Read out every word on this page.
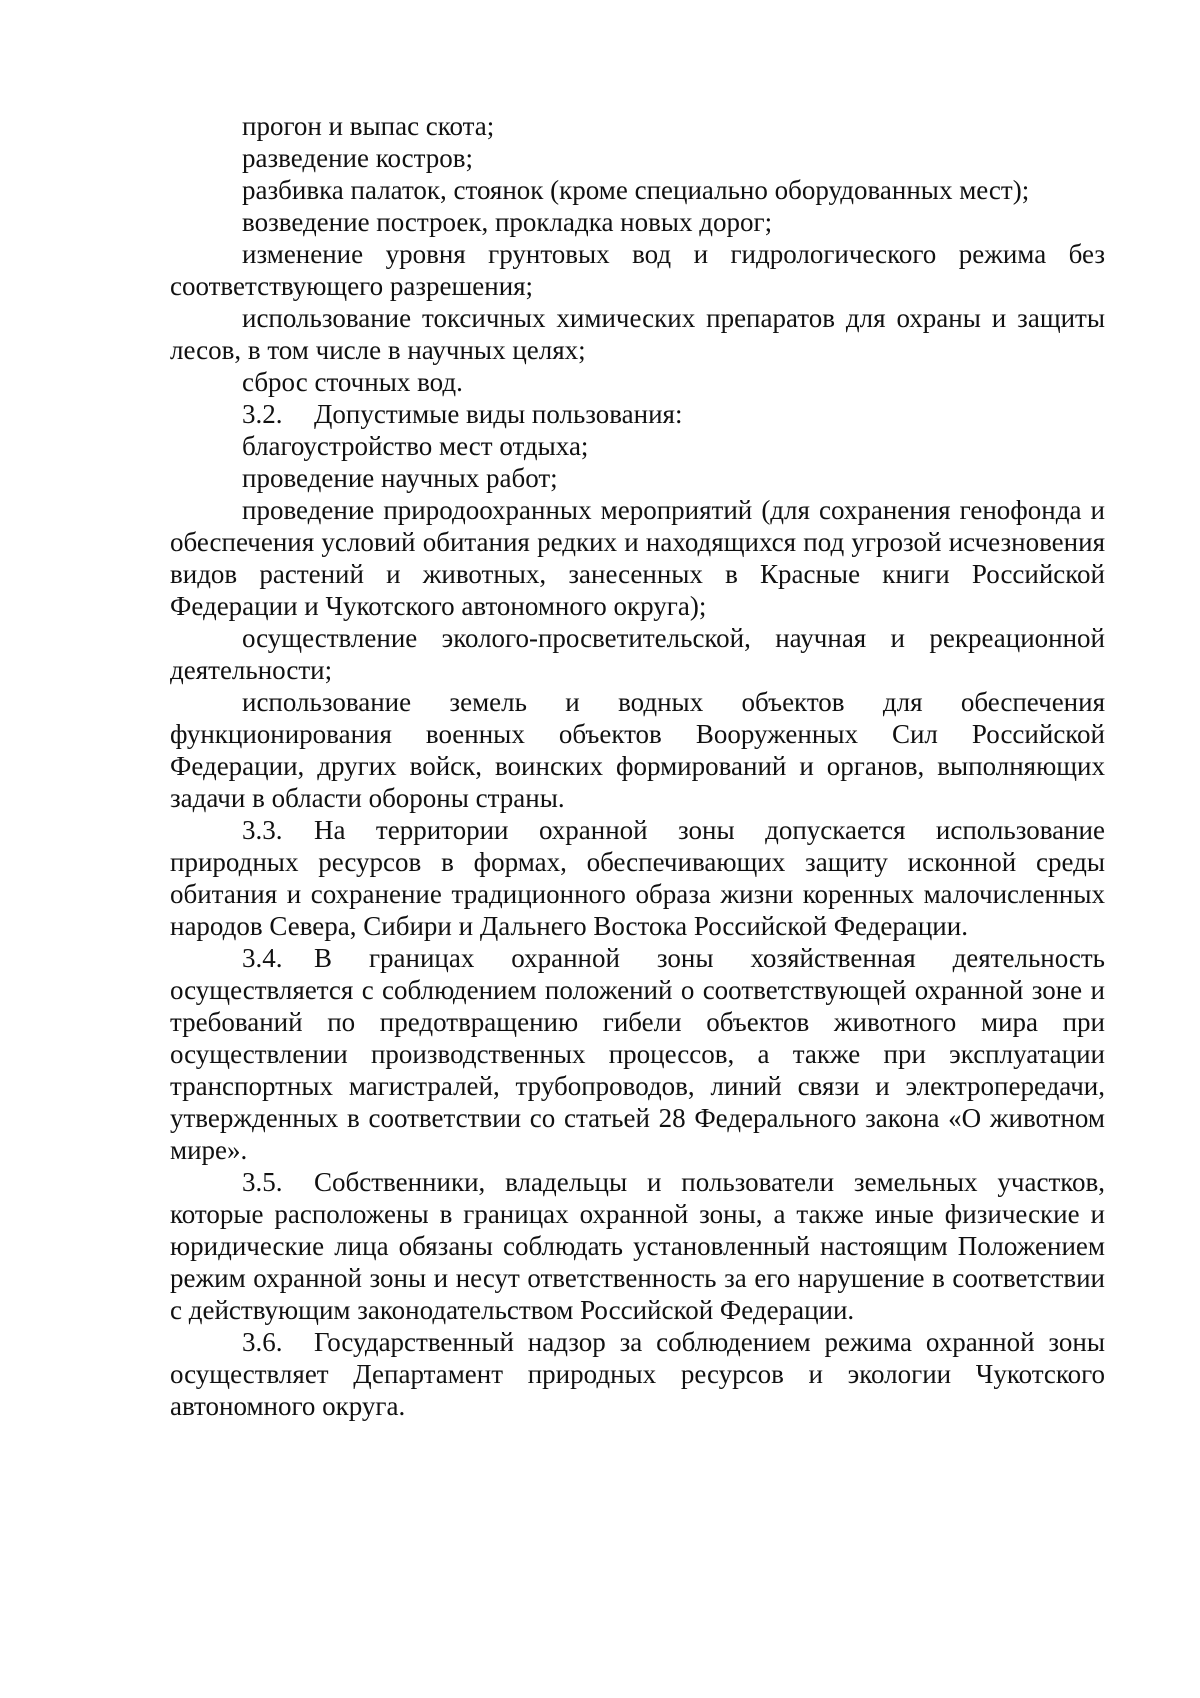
прогон и выпас скота;

разведение костров;

разбивка палаток, стоянок (кроме специально оборудованных мест);

возведение построек, прокладка новых дорог;

изменение уровня грунтовых вод и гидрологического режима без соответствующего разрешения;

использование токсичных химических препаратов для охраны и защиты лесов, в том числе в научных целях;

сброс сточных вод.

3.2. Допустимые виды пользования:

благоустройство мест отдыха;

проведение научных работ;

проведение природоохранных мероприятий (для сохранения генофонда и обеспечения условий обитания редких и находящихся под угрозой исчезновения видов растений и животных, занесенных в Красные книги Российской Федерации и Чукотского автономного округа);

осуществление эколого-просветительской, научная и рекреационной деятельности;

использование земель и водных объектов для обеспечения функционирования военных объектов Вооруженных Сил Российской Федерации, других войск, воинских формирований и органов, выполняющих задачи в области обороны страны.

3.3. На территории охранной зоны допускается использование природных ресурсов в формах, обеспечивающих защиту исконной среды обитания и сохранение традиционного образа жизни коренных малочисленных народов Севера, Сибири и Дальнего Востока Российской Федерации.

3.4. В границах охранной зоны хозяйственная деятельность осуществляется с соблюдением положений о соответствующей охранной зоне и требований по предотвращению гибели объектов животного мира при осуществлении производственных процессов, а также при эксплуатации транспортных магистралей, трубопроводов, линий связи и электропередачи, утвержденных в соответствии со статьей 28 Федерального закона «О животном мире».

3.5. Собственники, владельцы и пользователи земельных участков, которые расположены в границах охранной зоны, а также иные физические и юридические лица обязаны соблюдать установленный настоящим Положением режим охранной зоны и несут ответственность за его нарушение в соответствии с действующим законодательством Российской Федерации.

3.6. Государственный надзор за соблюдением режима охранной зоны осуществляет Департамент природных ресурсов и экологии Чукотского автономного округа.
